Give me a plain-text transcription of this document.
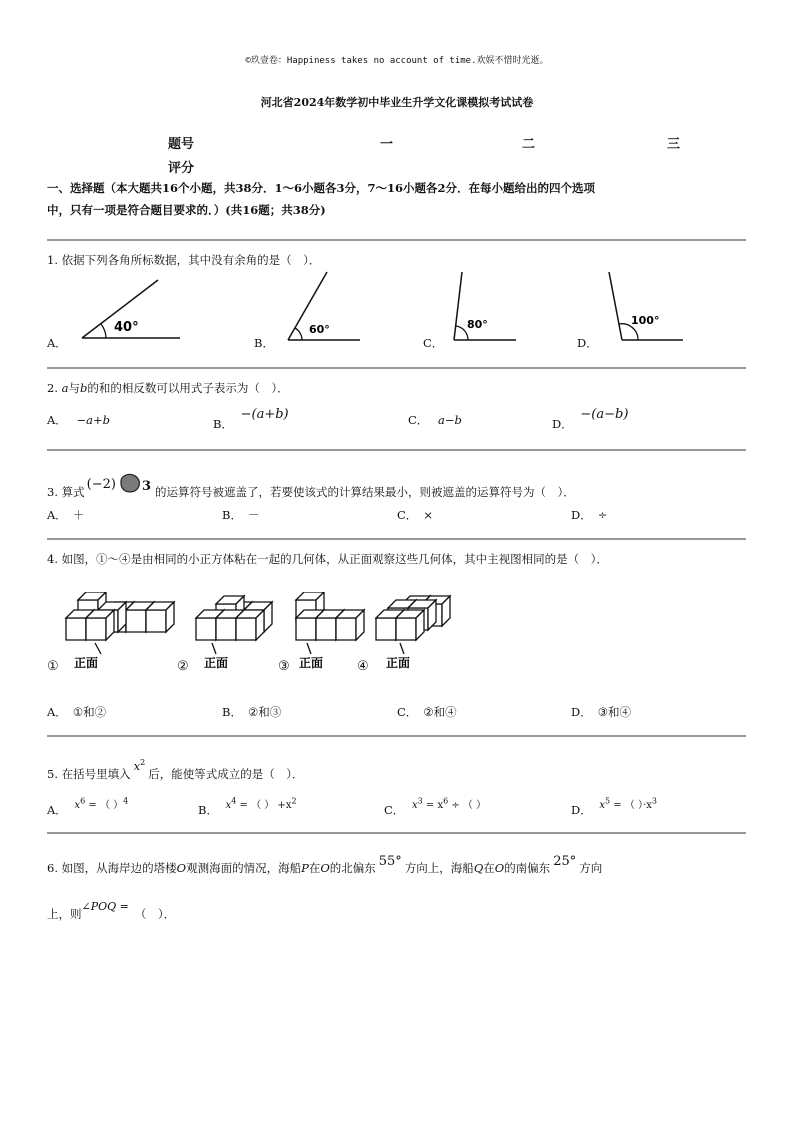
©玖壹卷：Happiness takes no account of time.欢娱不惜时光逝。
河北省2024年数学初中毕业生升学文化课模拟考试试卷
题号	一	二	三
评分
一、选择题（本大题共16个小题，共38分．1～6小题各3分，7～16小题各2分．在每小题给出的四个选项
中，只有一项是符合题目要求的．）(共16题；共38分)
1. 依据下列各角所标数据，其中没有余角的是（　）．
A．	B．	C．	D．
40°	60°	80°	100°
2. a与b的和的相反数可以用式子表示为（　）．
A． −a+b	B． −(a+b)	C． a−b	D． −(a−b)
3. 算式 (−2) 3 的运算符号被遮盖了，若要使该式的计算结果最小，则被遮盖的运算符号为（　）．
A． ＋	B． －	C． ×	D． ÷
4. 如图，①～④是由相同的小正方体粘在一起的几何体，从正面观察这些几何体，其中主视图相同的是（　）．
正面	正面	正面	正面
①	②	③	④
A． ①和②	B． ②和③	C． ②和④	D． ③和④
5. 在括号里填入$x^2$后，能使等式成立的是（　）．
A． $x^6$ = （ ）$^4$
B． $x^4$ = （ ） $+x^2$
C． $x^3 = x^6$ ÷ （ ）	D． $x^5$ = （ ）$\cdot x^3$
6. 如图，从海岸边的塔楼O观测海面的情况，海船P在O的北偏东 55° 方向上，海船Q在O的南偏东 25° 方向
上，则∠POQ =（　）．
